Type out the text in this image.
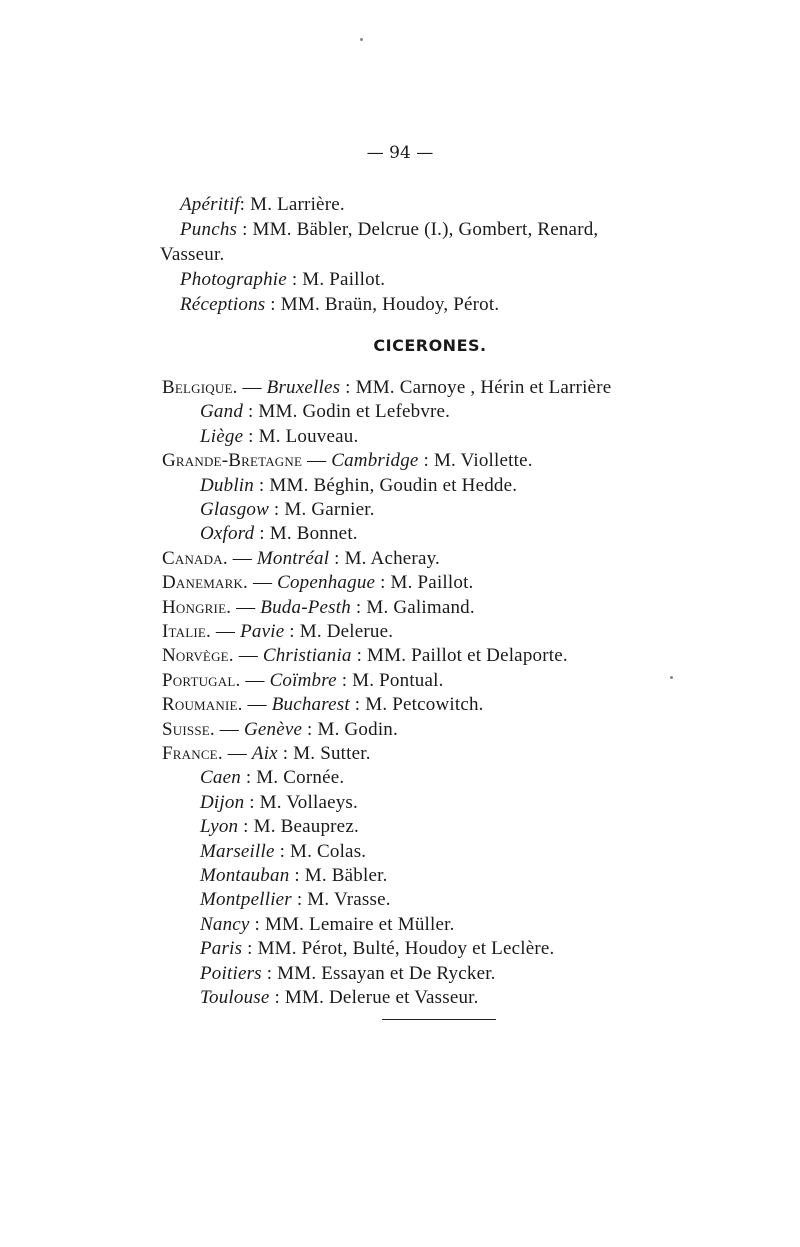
— 94 —
Apéritif: M. Larrière.
Punchs : MM. Bäbler, Delcrue (I.), Gombert, Renard,
Vasseur.
Photographie : M. Paillot.
Réceptions : MM. Braün, Houdoy, Pérot.
CICERONES.
Belgique. — Bruxelles : MM. Carnoye , Hérin et Larrière
Gand : MM. Godin et Lefebvre.
Liège : M. Louveau.
Grande-Bretagne — Cambridge : M. Viollette.
Dublin : MM. Béghin, Goudin et Hedde.
Glasgow : M. Garnier.
Oxford : M. Bonnet.
Canada. — Montréal : M. Acheray.
Danemark. — Copenhague : M. Paillot.
Hongrie. — Buda-Pesth : M. Galimand.
Italie. — Pavie : M. Delerue.
Norvège. — Christiania : MM. Paillot et Delaporte.
Portugal. — Coïmbre : M. Pontual.
Roumanie. — Bucharest : M. Petcowitch.
Suisse. — Genève : M. Godin.
France. — Aix : M. Sutter.
Caen : M. Cornée.
Dijon : M. Vollaeys.
Lyon : M. Beauprez.
Marseille : M. Colas.
Montauban : M. Bäbler.
Montpellier : M. Vrasse.
Nancy : MM. Lemaire et Müller.
Paris : MM. Pérot, Bulté, Houdoy et Leclère.
Poitiers : MM. Essayan et De Rycker.
Toulouse : MM. Delerue et Vasseur.
